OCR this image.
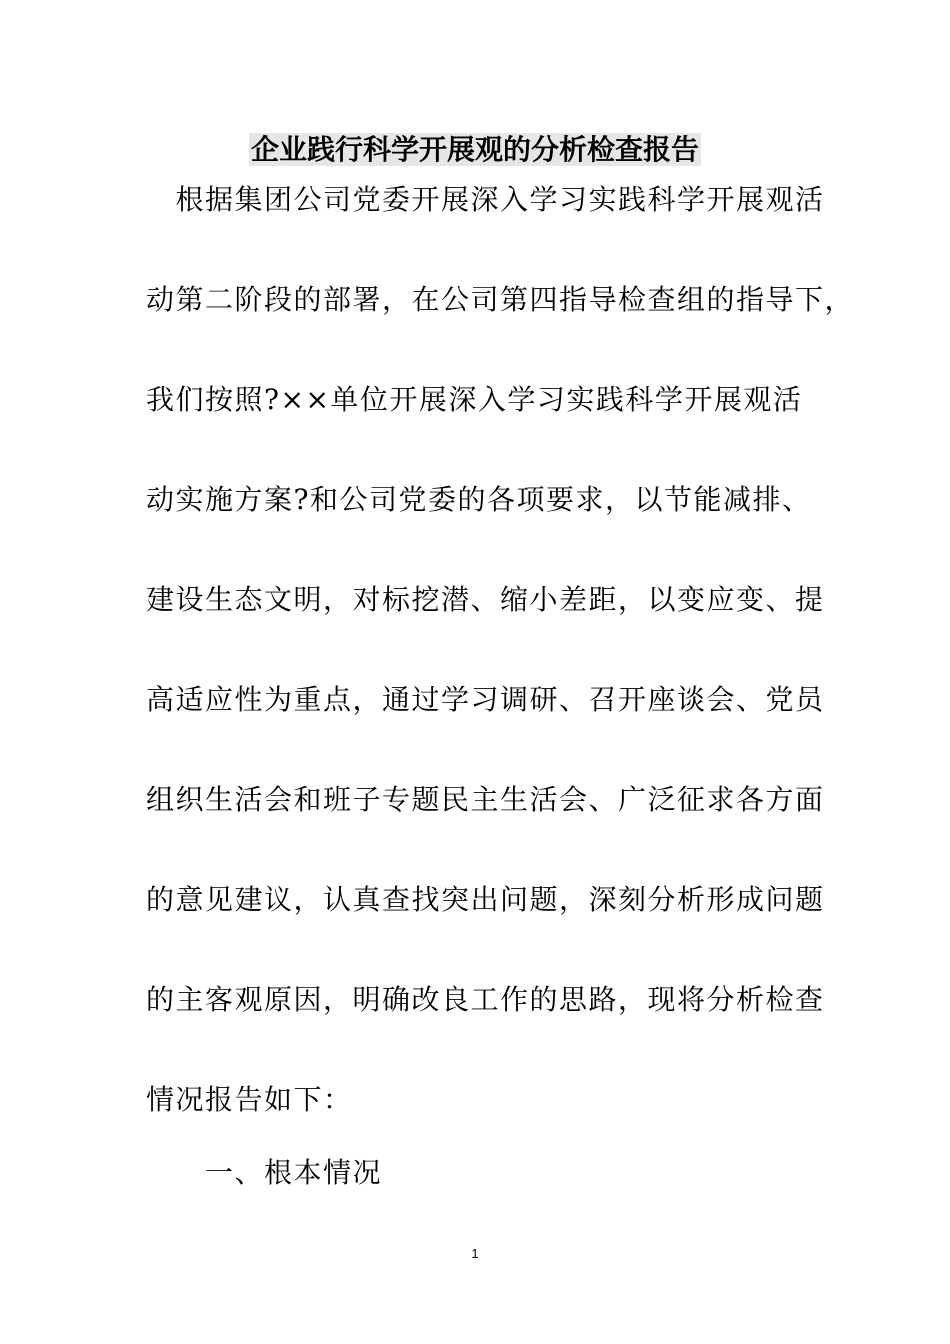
企业践行科学开展观的分析检查报告
　根据集团公司党委开展深入学习实践科学开展观活
动第二阶段的部署，在公司第四指导检查组的指导下，
我们按照?××单位开展深入学习实践科学开展观活
动实施方案?和公司党委的各项要求，以节能减排、
建设生态文明，对标挖潜、缩小差距，以变应变、提
高适应性为重点，通过学习调研、召开座谈会、党员
组织生活会和班子专题民主生活会、广泛征求各方面
的意见建议，认真查找突出问题，深刻分析形成问题
的主客观原因，明确改良工作的思路，现将分析检查
情况报告如下：
　　一、根本情况
1
